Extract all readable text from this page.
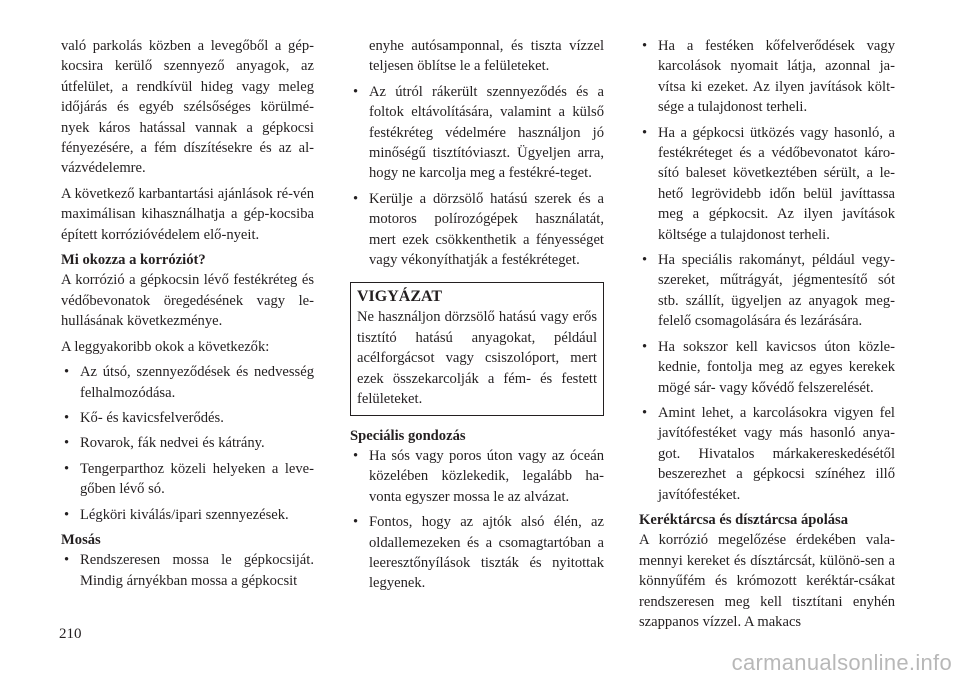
való parkolás közben a levegőből a gép-kocsira kerülő szennyező anyagok, az útfelület, a rendkívül hideg vagy meleg időjárás és egyéb szélsőséges körülmé-nyek káros hatással vannak a gépkocsi fényezésére, a fém díszítésekre és az al-vázvédelemre.

A következő karbantartási ajánlások ré-vén maximálisan kihasználhatja a gép-kocsiba épített korrózióvédelem elő-nyeit.

Mi okozza a korróziót?

A korrózió a gépkocsin lévő festékréteg és védőbevonatok öregedésének vagy le-hullásának következménye.

A leggyakoribb okok a következők:

• Az útsó, szennyeződések és nedvesség felhalmozódása.
• Kő- és kavicsfelverődés.
• Rovarok, fák nedvei és kátrány.
• Tengerparthoz közeli helyeken a leve-gőben lévő só.
• Légköri kiválás/ipari szennyezések.
Mosás
• Rendszeresen mossa le gépkocsiját. Mindig árnyékban mossa a gépkocsit
enyhe autósamponnal, és tiszta vízzel teljesen öblítse le a felületeket.
• Az útról rákerült szennyeződés és a foltok eltávolítására, valamint a külső festékréteg védelmére használjon jó minőségű tisztítóviaszt. Ügyeljen arra, hogy ne karcolja meg a festékré-teget.
• Kerülje a dörzsölő hatású szerek és a motoros polírozógépek használatát, mert ezek csökkenthetik a fényességet vagy vékonyíthatják a festékréteget.
VIGYÁZAT
Ne használjon dörzsölő hatású vagy erős tisztító hatású anyagokat, például acélforgácsot vagy csiszolóport, mert ezek összekarcolják a fém- és festett felületeket.
Speciális gondozás
• Ha sós vagy poros úton vagy az óceán közelében közlekedik, legalább ha-vonta egyszer mossa le az alvázat.
• Fontos, hogy az ajtók alsó élén, az oldallemezeken és a csomagtartóban a leeresztőnyílások tiszták és nyitottak legyenek.
• Ha a festéken kőfelverődések vagy karcolások nyomait látja, azonnal ja-vítsa ki ezeket. Az ilyen javítások költ-sége a tulajdonost terheli.
• Ha a gépkocsi ütközés vagy hasonló, a festékréteget és a védőbevonatot káro-sító baleset következtében sérült, a le-hető legrövidebb időn belül javíttassa meg a gépkocsit. Az ilyen javítások költsége a tulajdonost terheli.
• Ha speciális rakományt, például vegy-szereket, műtrágyát, jégmentesítő sót stb. szállít, ügyeljen az anyagok meg-felelő csomagolására és lezárására.
• Ha sokszor kell kavicsos úton közle-kednie, fontolja meg az egyes kerekek mögé sár- vagy kővédő felszerelését.
• Amint lehet, a karcolásokra vigyen fel javítófestéket vagy más hasonló anya-got. Hivatalos márkakereskedésétől beszerezhet a gépkocsi színéhez illő javítófestéket.
Keréktárcsa és dísztárcsa ápolása

A korrózió megelőzése érdekében vala-mennyi kereket és dísztárcsát, különö-sen a könnyűfém és krómozott keréktár-csákat rendszeresen meg kell tisztítani enyhén szappanos vízzel. A makacs

210
carmanualsonline.info
